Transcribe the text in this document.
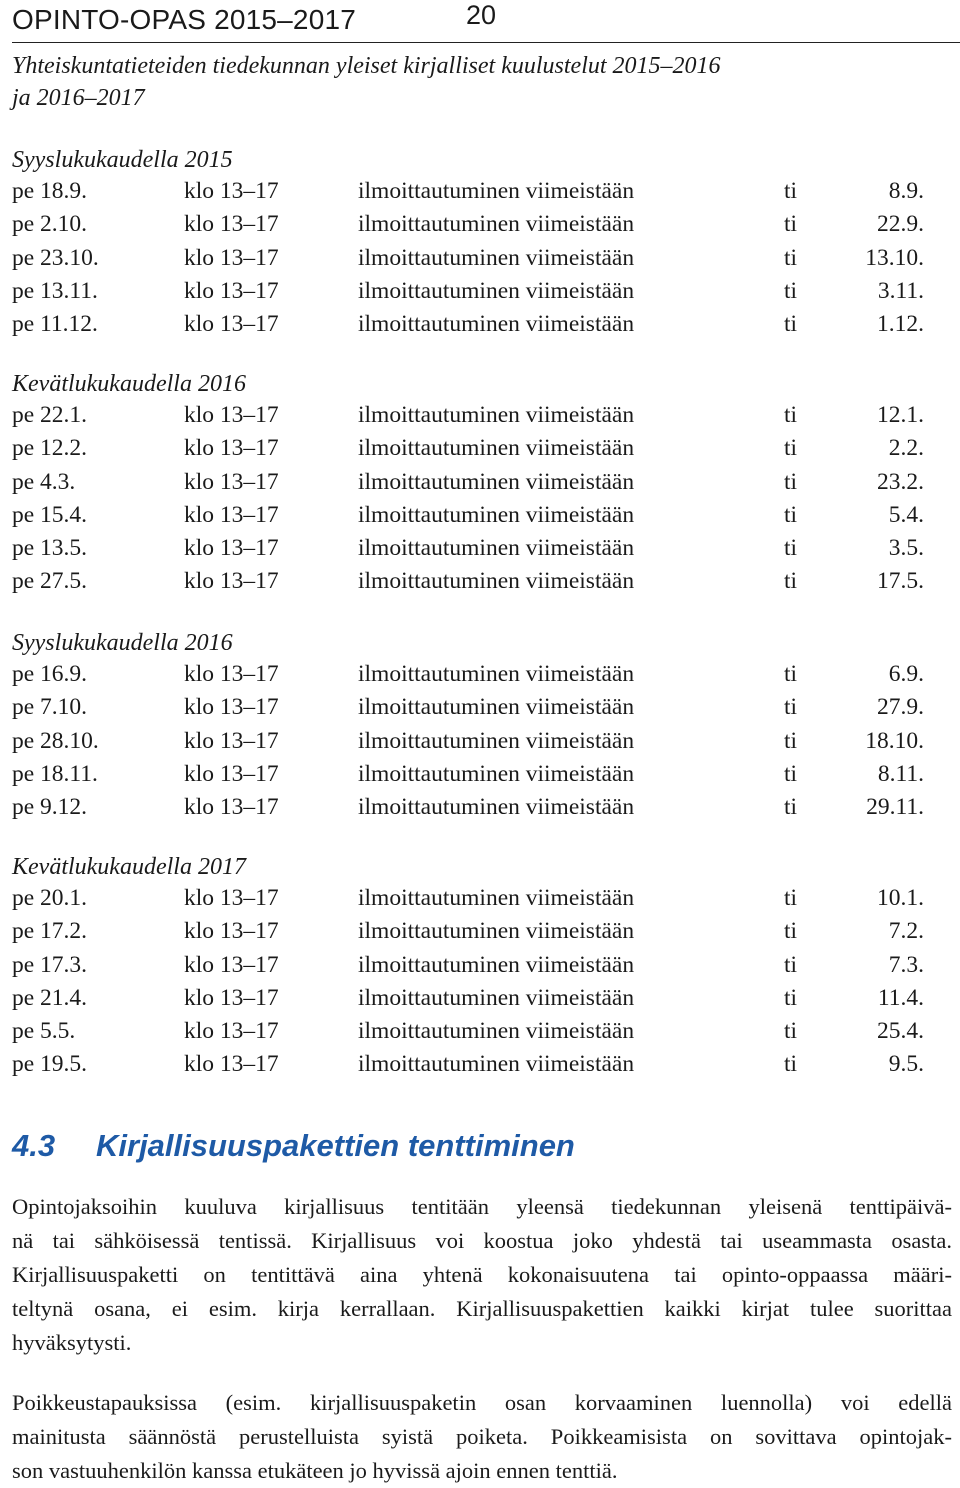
OPINTO-OPAS 2015–2017	20
Yhteiskuntatieteiden tiedekunnan yleiset kirjalliset kuulustelut 2015–2016
ja 2016–2017
Syyslukukaudella 2015
pe 18.9.	klo 13–17	ilmoittautuminen viimeistään	ti	8.9.
pe 2.10.	klo 13–17	ilmoittautuminen viimeistään	ti	22.9.
pe 23.10.	klo 13–17	ilmoittautuminen viimeistään	ti	13.10.
pe 13.11.	klo 13–17	ilmoittautuminen viimeistään	ti	3.11.
pe 11.12.	klo 13–17	ilmoittautuminen viimeistään	ti	1.12.
Kevätlukukaudella 2016
pe 22.1.	klo 13–17	ilmoittautuminen viimeistään	ti	12.1.
pe 12.2.	klo 13–17	ilmoittautuminen viimeistään	ti	2.2.
pe 4.3.	klo 13–17	ilmoittautuminen viimeistään	ti	23.2.
pe 15.4.	klo 13–17	ilmoittautuminen viimeistään	ti	5.4.
pe 13.5.	klo 13–17	ilmoittautuminen viimeistään	ti	3.5.
pe 27.5.	klo 13–17	ilmoittautuminen viimeistään	ti	17.5.
Syyslukukaudella 2016
pe 16.9.	klo 13–17	ilmoittautuminen viimeistään	ti	6.9.
pe 7.10.	klo 13–17	ilmoittautuminen viimeistään	ti	27.9.
pe 28.10.	klo 13–17	ilmoittautuminen viimeistään	ti	18.10.
pe 18.11.	klo 13–17	ilmoittautuminen viimeistään	ti	8.11.
pe 9.12.	klo 13–17	ilmoittautuminen viimeistään	ti	29.11.
Kevätlukukaudella 2017
pe 20.1.	klo 13–17	ilmoittautuminen viimeistään	ti	10.1.
pe 17.2.	klo 13–17	ilmoittautuminen viimeistään	ti	7.2.
pe 17.3.	klo 13–17	ilmoittautuminen viimeistään	ti	7.3.
pe 21.4.	klo 13–17	ilmoittautuminen viimeistään	ti	11.4.
pe 5.5.	klo 13–17	ilmoittautuminen viimeistään	ti	25.4.
pe 19.5.	klo 13–17	ilmoittautuminen viimeistään	ti	9.5.
4.3 Kirjallisuuspakettien tenttiminen
Opintojaksoihin kuuluva kirjallisuus tentitään yleensä tiedekunnan yleisenä tenttipäivä-
nä tai sähköisessä tentissä. Kirjallisuus voi koostua joko yhdestä tai useammasta osasta.
Kirjallisuuspaketti on tentittävä aina yhtenä kokonaisuutena tai opinto-oppaassa määri-
teltynä osana, ei esim. kirja kerrallaan. Kirjallisuuspakettien kaikki kirjat tulee suorittaa
hyväksytysti.
Poikkeustapauksissa (esim. kirjallisuuspaketin osan korvaaminen luennolla) voi edellä
mainitusta säännöstä perustelluista syistä poiketa. Poikkeamisista on sovittava opintojak-
son vastuuhenkilön kanssa etukäteen jo hyvissä ajoin ennen tenttiä.
